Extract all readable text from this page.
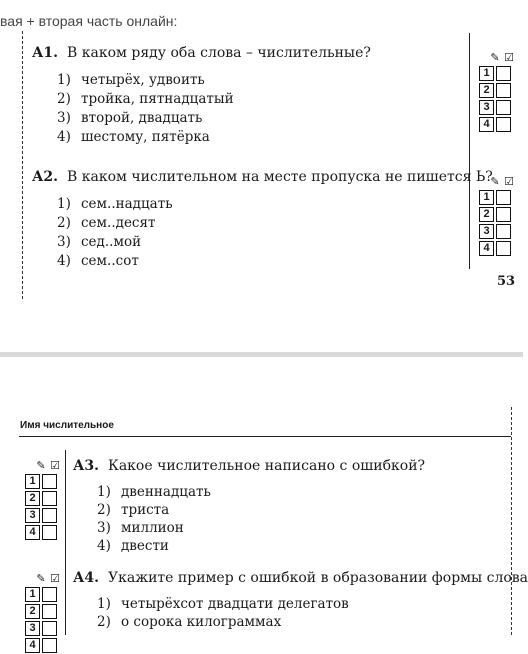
вая + вторая часть онлайн:
А1. В каком ряду оба слова – числительные?
1) четырёх, удвоить
2) тройка, пятнадцатый
3) второй, двадцать
4) шестому, пятёрка
А2. В каком числительном на месте пропуска не пишется Ь?
1) сем..надцать
2) сем..десят
3) сед..мой
4) сем..сот
✎ ☑
1
2
3
4
✎ ☑
1
2
3
4
53
Имя числительное
✎ ☑
1
2
3
4
✎ ☑
1
2
3
4
А3. Какое числительное написано с ошибкой?
1) двеннадцать
2) триста
3) миллион
4) двести
А4. Укажите пример с ошибкой в образовании формы слова
1) четырёхсот двадцати делегатов
2) о сорока килограммах
